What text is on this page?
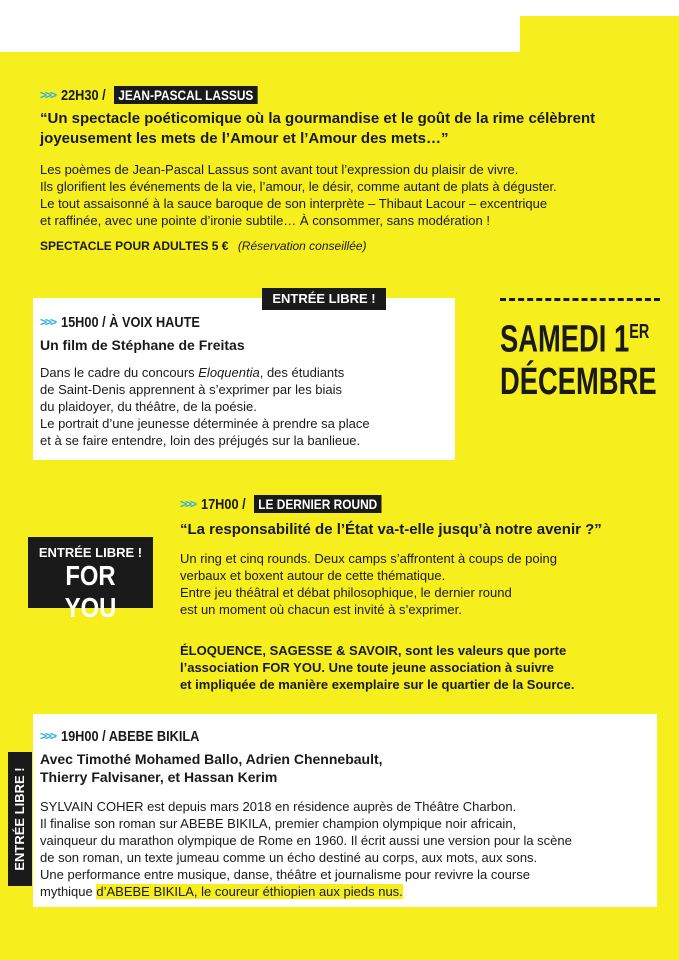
>>> 22H30 / JEAN-PASCAL LASSUS
“Un spectacle poéticomique où la gourmandise et le goût de la rime célèbrent joyeusement les mets de l’Amour et l’Amour des mets…”

Les poèmes de Jean-Pascal Lassus sont avant tout l’expression du plaisir de vivre.

Ils glorifient les événements de la vie, l’amour, le désir, comme autant de plats à déguster.

Le tout assaisonné à la sauce baroque de son interprète – Thibaut Lacour – excentrique

et raffinée, avec une pointe d’ironie subtile… À consommer, sans modération !

SPECTACLE POUR ADULTES 5 € (Réservation conseillée)
ENTRÉE LIBRE !
>>> 15H00 / À VOIX HAUTE
Un film de Stéphane de Freitas

Dans le cadre du concours Eloquentia, des étudiants

de Saint-Denis apprennent à s’exprimer par les biais

du plaidoyer, du théâtre, de la poésie.

Le portrait d’une jeunesse déterminée à prendre sa place

et à se faire entendre, loin des préjugés sur la banlieue.

SAMEDI 1ER
DÉCEMBRE
ENTRÉE LIBRE !
FOR YOU
>>> 17H00 / LE DERNIER ROUND
“La responsabilité de l’État va-t-elle jusqu’à notre avenir ?”

Un ring et cinq rounds. Deux camps s’affrontent à coups de poing

verbaux et boxent autour de cette thématique.

Entre jeu théâtral et débat philosophique, le dernier round

est un moment où chacun est invité à s’exprimer.

ÉLOQUENCE, SAGESSE & SAVOIR, sont les valeurs que porte

l’association FOR YOU. Une toute jeune association à suivre

et impliquée de manière exemplaire sur le quartier de la Source.

ENTRÉE LIBRE !
>>> 19H00 / ABEBE BIKILA
Avec Timothé Mohamed Ballo, Adrien Chennebault,
Thierry Falvisaner, et Hassan Kerim

SYLVAIN COHER est depuis mars 2018 en résidence auprès de Théâtre Charbon.

Il finalise son roman sur ABEBE BIKILA, premier champion olympique noir africain,

vainqueur du marathon olympique de Rome en 1960. Il écrit aussi une version pour la scène

de son roman, un texte jumeau comme un écho destiné au corps, aux mots, aux sons.

Une performance entre musique, danse, théâtre et journalisme pour revivre la course

mythique d’ABEBE BIKILA, le coureur éthiopien aux pieds nus.
